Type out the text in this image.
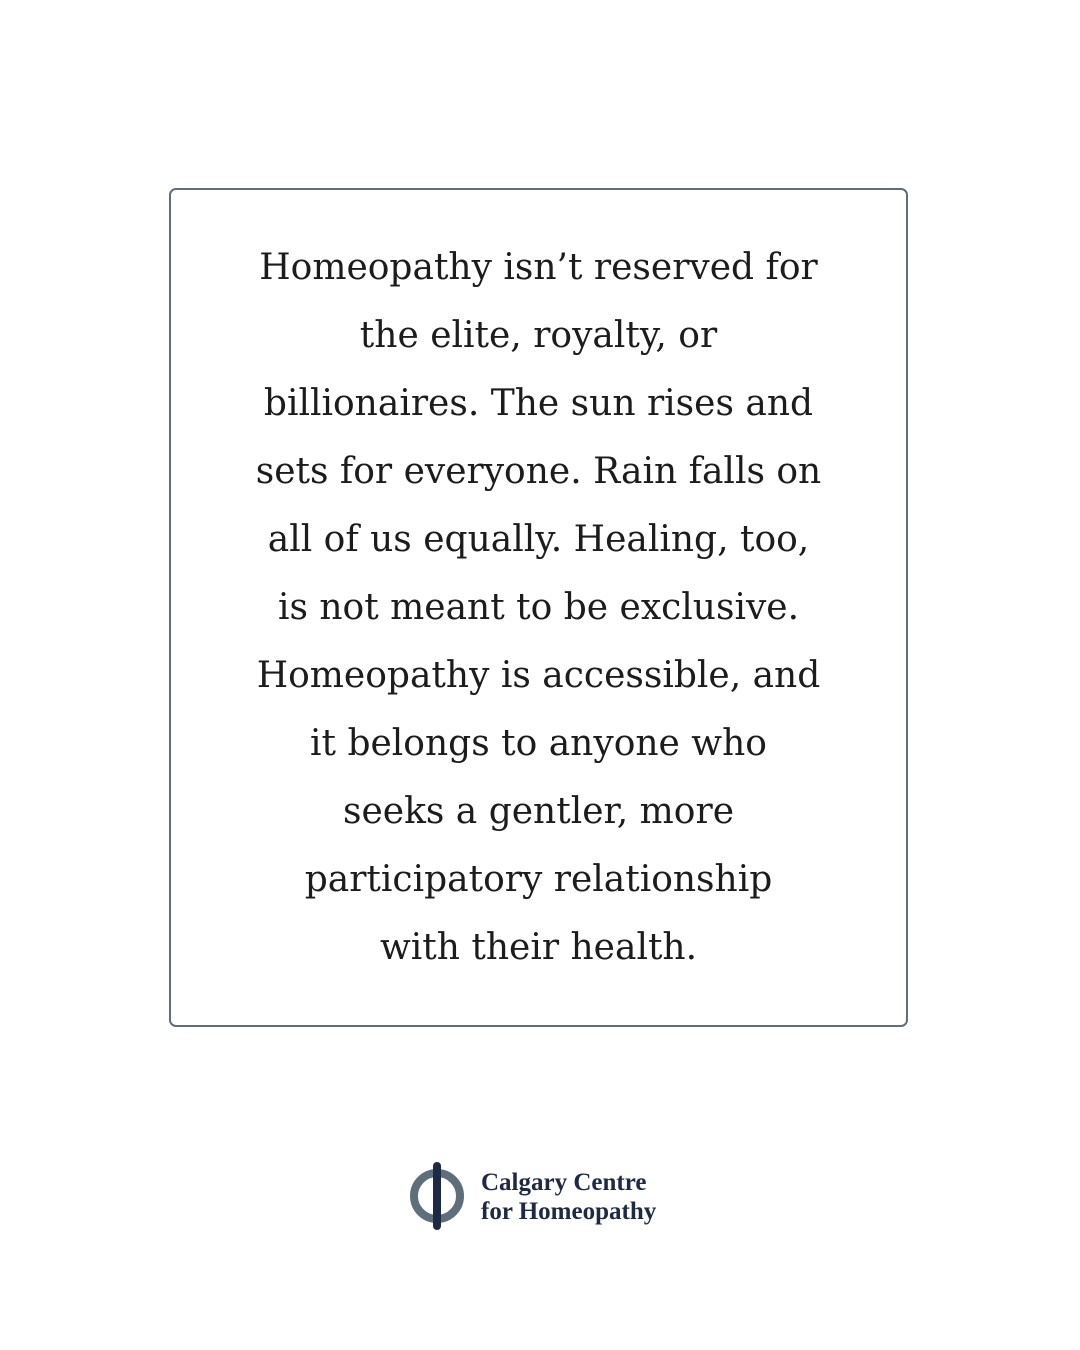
Homeopathy isn’t reserved for
the elite, royalty, or
billionaires. The sun rises and
sets for everyone. Rain falls on
all of us equally. Healing, too,
is not meant to be exclusive.
Homeopathy is accessible, and
it belongs to anyone who
seeks a gentler, more
participatory relationship
with their health.
Calgary Centre
for Homeopathy
